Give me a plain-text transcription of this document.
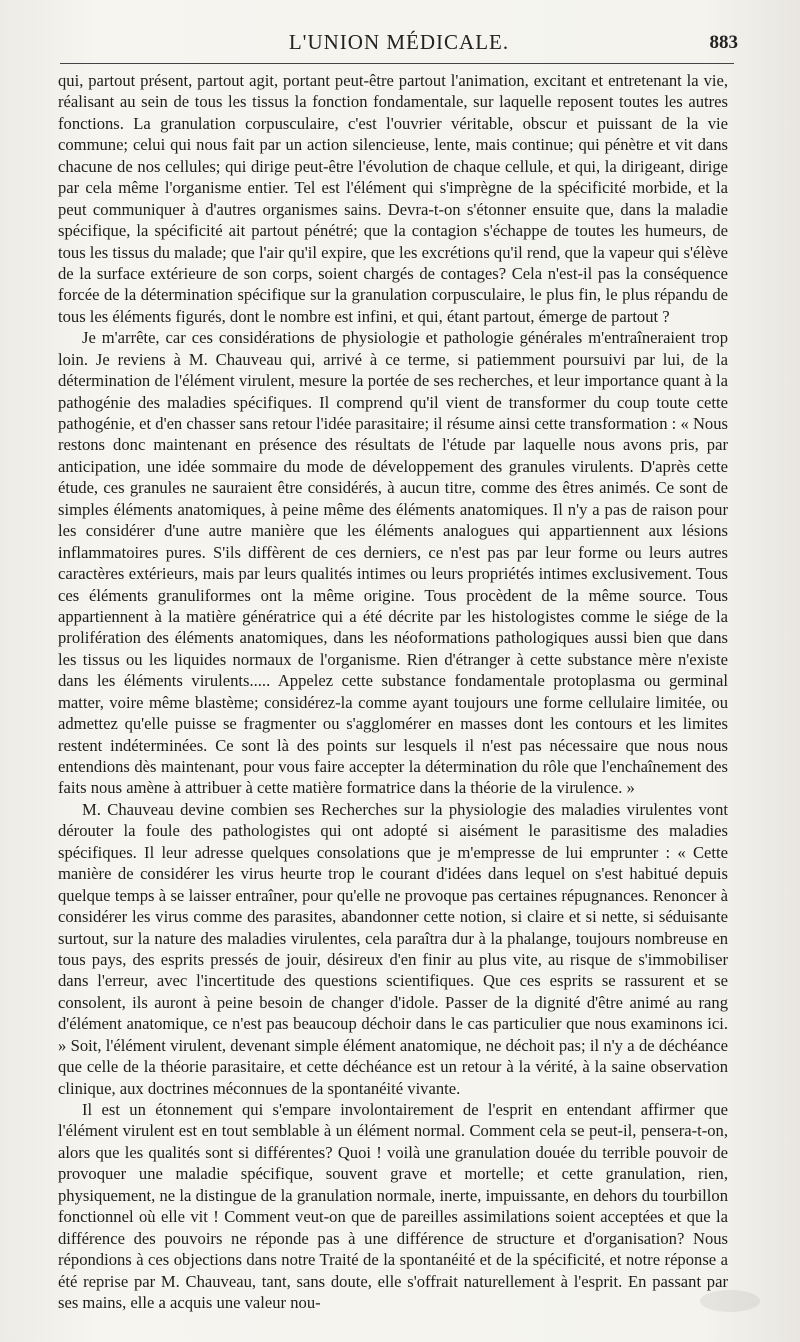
L'UNION MÉDICALE.	883

qui, partout présent, partout agit, portant peut-être partout l'animation, excitant et entretenant la vie, réalisant au sein de tous les tissus la fonction fondamentale, sur laquelle reposent toutes les autres fonctions. La granulation corpusculaire, c'est l'ouvrier véritable, obscur et puissant de la vie commune; celui qui nous fait par un action silencieuse, lente, mais continue; qui pénètre et vit dans chacune de nos cellules; qui dirige peut-être l'évolution de chaque cellule, et qui, la dirigeant, dirige par cela même l'organisme entier. Tel est l'élément qui s'imprègne de la spécificité morbide, et la peut communiquer à d'autres organismes sains. Devra-t-on s'étonner ensuite que, dans la maladie spécifique, la spécificité ait partout pénétré; que la contagion s'échappe de toutes les humeurs, de tous les tissus du malade; que l'air qu'il expire, que les excrétions qu'il rend, que la vapeur qui s'élève de la surface extérieure de son corps, soient chargés de contages? Cela n'est-il pas la conséquence forcée de la détermination spécifique sur la granulation corpusculaire, le plus fin, le plus répandu de tous les éléments figurés, dont le nombre est infini, et qui, étant partout, émerge de partout ?

Je m'arrête, car ces considérations de physiologie et pathologie générales m'entraîneraient trop loin. Je reviens à M. Chauveau qui, arrivé à ce terme, si patiemment poursuivi par lui, de la détermination de l'élément virulent, mesure la portée de ses recherches, et leur importance quant à la pathogénie des maladies spécifiques. Il comprend qu'il vient de transformer du coup toute cette pathogénie, et d'en chasser sans retour l'idée parasitaire; il résume ainsi cette transformation : « Nous restons donc maintenant en présence des résultats de l'étude par laquelle nous avons pris, par anticipation, une idée sommaire du mode de développement des granules virulents. D'après cette étude, ces granules ne sauraient être considérés, à aucun titre, comme des êtres animés. Ce sont de simples éléments anatomiques, à peine même des éléments anatomiques. Il n'y a pas de raison pour les considérer d'une autre manière que les éléments analogues qui appartiennent aux lésions inflammatoires pures. S'ils diffèrent de ces derniers, ce n'est pas par leur forme ou leurs autres caractères extérieurs, mais par leurs qualités intimes ou leurs propriétés intimes exclusivement. Tous ces éléments granuliformes ont la même origine. Tous procèdent de la même source. Tous appartiennent à la matière génératrice qui a été décrite par les histologistes comme le siége de la prolifération des éléments anatomiques, dans les néoformations pathologiques aussi bien que dans les tissus ou les liquides normaux de l'organisme. Rien d'étranger à cette substance mère n'existe dans les éléments virulents..... Appelez cette substance fondamentale protoplasma ou germinal matter, voire même blastème; considérez-la comme ayant toujours une forme cellulaire limitée, ou admettez qu'elle puisse se fragmenter ou s'agglomérer en masses dont les contours et les limites restent indéterminées. Ce sont là des points sur lesquels il n'est pas nécessaire que nous nous entendions dès maintenant, pour vous faire accepter la détermination du rôle que l'enchaînement des faits nous amène à attribuer à cette matière formatrice dans la théorie de la virulence. »

M. Chauveau devine combien ses Recherches sur la physiologie des maladies virulentes vont dérouter la foule des pathologistes qui ont adopté si aisément le parasitisme des maladies spécifiques. Il leur adresse quelques consolations que je m'empresse de lui emprunter : « Cette manière de considérer les virus heurte trop le courant d'idées dans lequel on s'est habitué depuis quelque temps à se laisser entraîner, pour qu'elle ne provoque pas certaines répugnances. Renoncer à considérer les virus comme des parasites, abandonner cette notion, si claire et si nette, si séduisante surtout, sur la nature des maladies virulentes, cela paraîtra dur à la phalange, toujours nombreuse en tous pays, des esprits pressés de jouir, désireux d'en finir au plus vite, au risque de s'immobiliser dans l'erreur, avec l'incertitude des questions scientifiques. Que ces esprits se rassurent et se consolent, ils auront à peine besoin de changer d'idole. Passer de la dignité d'être animé au rang d'élément anatomique, ce n'est pas beaucoup déchoir dans le cas particulier que nous examinons ici. » Soit, l'élément virulent, devenant simple élément anatomique, ne déchoit pas; il n'y a de déchéance que celle de la théorie parasitaire, et cette déchéance est un retour à la vérité, à la saine observation clinique, aux doctrines méconnues de la spontanéité vivante.

Il est un étonnement qui s'empare involontairement de l'esprit en entendant affirmer que l'élément virulent est en tout semblable à un élément normal. Comment cela se peut-il, pensera-t-on, alors que les qualités sont si différentes? Quoi ! voilà une granulation douée du terrible pouvoir de provoquer une maladie spécifique, souvent grave et mortelle; et cette granulation, rien, physiquement, ne la distingue de la granulation normale, inerte, impuissante, en dehors du tourbillon fonctionnel où elle vit ! Comment veut-on que de pareilles assimilations soient acceptées et que la différence des pouvoirs ne réponde pas à une différence de structure et d'organisation? Nous répondions à ces objections dans notre Traité de la spontanéité et de la spécificité, et notre réponse a été reprise par M. Chauveau, tant, sans doute, elle s'offrait naturellement à l'esprit. En passant par ses mains, elle a acquis une valeur nou-
